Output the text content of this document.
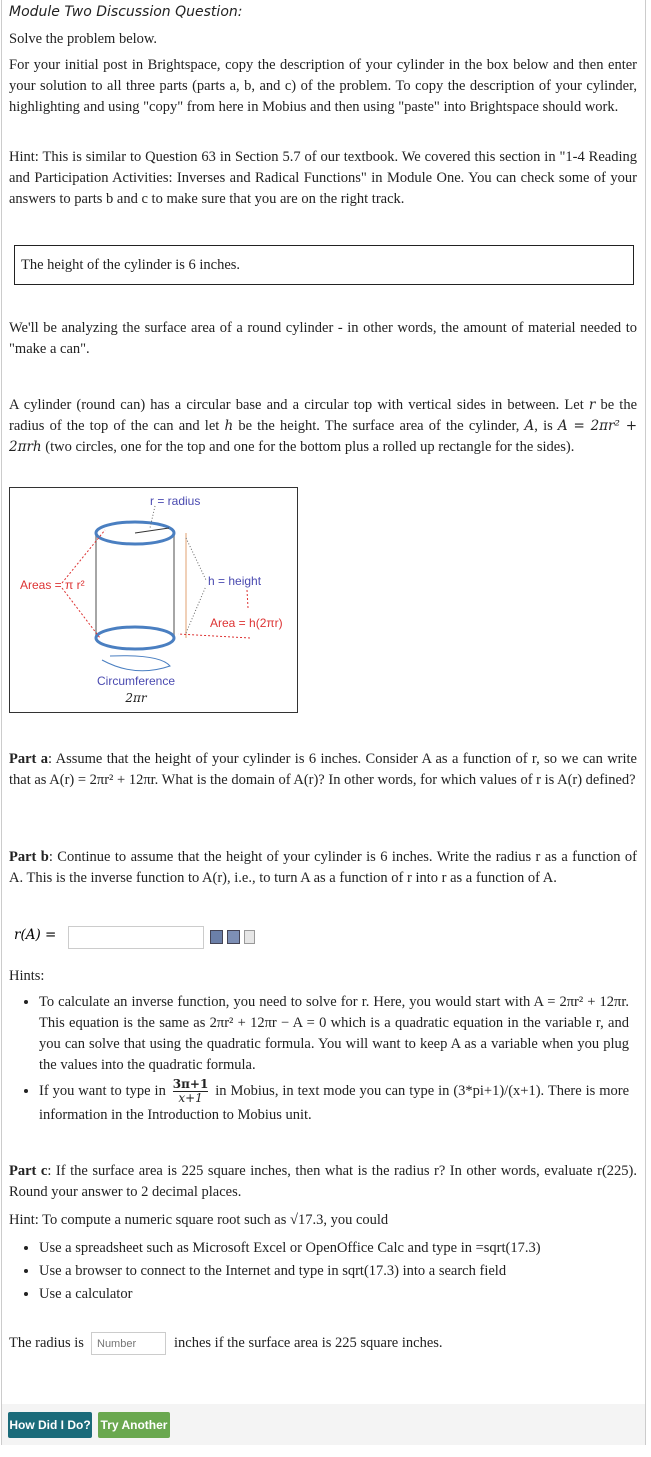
Module Two Discussion Question:
Solve the problem below.
For your initial post in Brightspace, copy the description of your cylinder in the box below and then enter your solution to all three parts (parts a, b, and c) of the problem. To copy the description of your cylinder, highlighting and using "copy" from here in Mobius and then using "paste" into Brightspace should work.
Hint: This is similar to Question 63 in Section 5.7 of our textbook. We covered this section in "1-4 Reading and Participation Activities: Inverses and Radical Functions" in Module One. You can check some of your answers to parts b and c to make sure that you are on the right track.
The height of the cylinder is 6 inches.
We'll be analyzing the surface area of a round cylinder - in other words, the amount of material needed to "make a can".
A cylinder (round can) has a circular base and a circular top with vertical sides in between. Let r be the radius of the top of the can and let h be the height. The surface area of the cylinder, A, is A = 2πr² + 2πrh (two circles, one for the top and one for the bottom plus a rolled up rectangle for the sides).
r = radius
Areas = π r²	h = height
Area = h(2πr)
Circumference
2πr
Part a: Assume that the height of your cylinder is 6 inches. Consider A as a function of r, so we can write that as A(r) = 2πr² + 12πr. What is the domain of A(r)? In other words, for which values of r is A(r) defined?
Part b: Continue to assume that the height of your cylinder is 6 inches. Write the radius r as a function of A. This is the inverse function to A(r), i.e., to turn A as a function of r into r as a function of A.
r(A) =

Hints:
• To calculate an inverse function, you need to solve for r. Here, you would start with A = 2πr² + 12πr. This equation is the same as 2πr² + 12πr − A = 0 which is a quadratic equation in the variable r, and you can solve that using the quadratic formula. You will want to keep A as a variable when you plug the values into the quadratic formula.
• If you want to type in $\frac{3\pi+1}{x+1}$ in Mobius, in text mode you can type in (3*pi+1)/(x+1). There is more information in the Introduction to Mobius unit.
Part c: If the surface area is 225 square inches, then what is the radius r? In other words, evaluate r(225). Round your answer to 2 decimal places.
Hint: To compute a numeric square root such as √17.3, you could
• Use a spreadsheet such as Microsoft Excel or OpenOffice Calc and type in =sqrt(17.3)
• Use a browser to connect to the Internet and type in sqrt(17.3) into a search field
• Use a calculator
The radius is
Number	inches if the surface area is 225 square inches.
How Did I Do? Try Another
